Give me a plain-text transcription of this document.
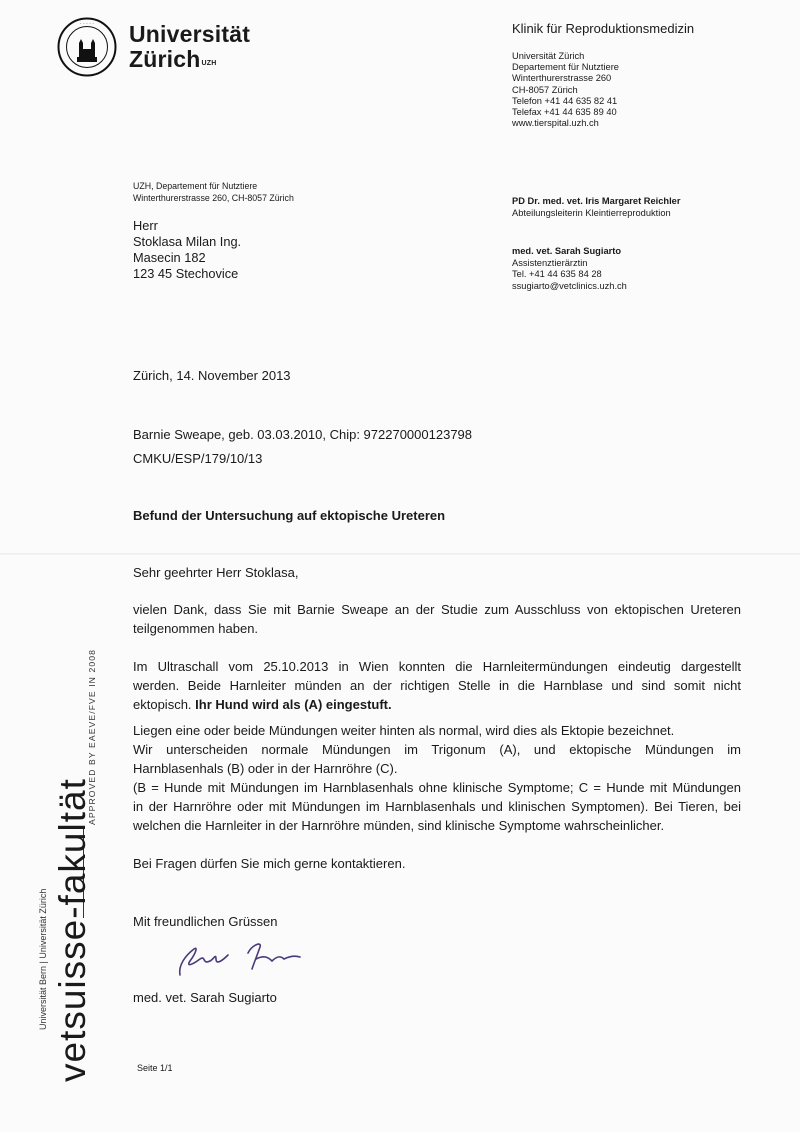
· · · · · Universität
Zürich$^{UZH}$
Klinik für Reproduktionsmedizin
Universität Zürich
Departement für Nutztiere
Winterthurerstrasse 260
CH-8057 Zürich
Telefon +41 44 635 82 41
Telefax +41 44 635 89 40
www.tierspital.uzh.ch
UZH, Departement für Nutztiere
Winterthurerstrasse 260, CH-8057 Zürich
Herr
Stoklasa Milan Ing.
Masecin 182
123 45 Stechovice
PD Dr. med. vet. Iris Margaret Reichler
Abteilungsleiterin Kleintierreproduktion
med. vet. Sarah Sugiarto
Assistenztierärztin
Tel. +41 44 635 84 28
ssugiarto@vetclinics.uzh.ch
Zürich, 14. November 2013
Barnie Sweape, geb. 03.03.2010, Chip: 972270000123798
CMKU/ESP/179/10/13
Befund der Untersuchung auf ektopische Ureteren
Sehr geehrter Herr Stoklasa,
vielen Dank, dass Sie mit Barnie Sweape an der Studie zum Ausschluss von ektopischen Ureteren
teilgenommen haben.
Im Ultraschall vom 25.10.2013 in Wien konnten die Harnleitermündungen eindeutig dargestellt
werden. Beide Harnleiter münden an der richtigen Stelle in die Harnblase und sind somit nicht
ektopisch. Ihr Hund wird als (A) eingestuft.
Liegen eine oder beide Mündungen weiter hinten als normal, wird dies als Ektopie bezeichnet.
Wir unterscheiden normale Mündungen im Trigonum (A), und ektopische Mündungen im
Harnblasenhals (B) oder in der Harnröhre (C).
(B = Hunde mit Mündungen im Harnblasenhals ohne klinische Symptome; C = Hunde mit Mündungen
in der Harnröhre oder mit Mündungen im Harnblasenhals und klinischen Symptomen). Bei Tieren, bei
welchen die Harnleiter in der Harnröhre münden, sind klinische Symptome wahrscheinlicher.
Bei Fragen dürfen Sie mich gerne kontaktieren.
Mit freundlichen Grüssen
med. vet. Sarah Sugiarto
Seite 1/1
APPROVED BY EAEVE/FVE IN 2008
vetsuisse-fakultät
Universität Bern | Universität Zürich
